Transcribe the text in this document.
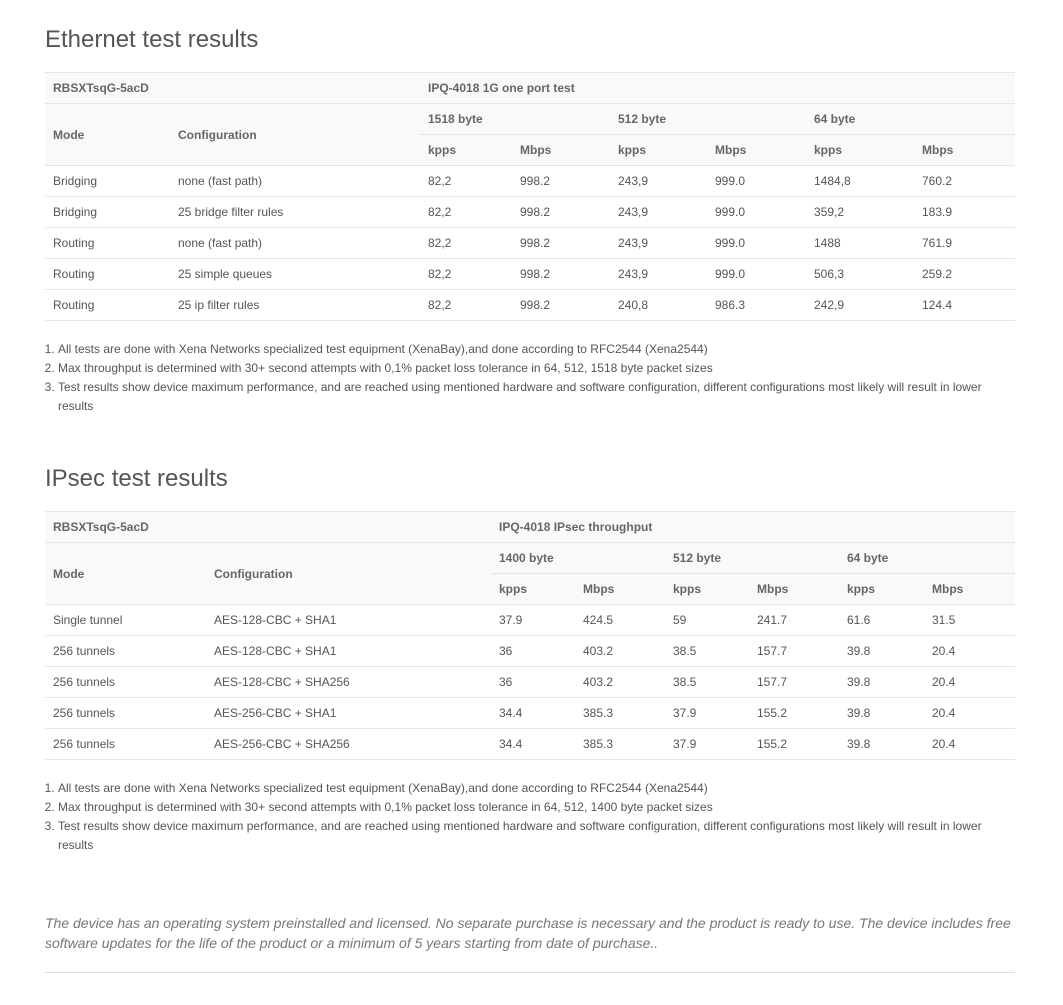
Ethernet test results
RBSXTsqG-5acD		IPQ-4018 1G one port test					
Mode	Configuration	1518 byte		512 byte		64 byte	
		kpps	Mbps	kpps	Mbps	kpps	Mbps
Bridging	none (fast path)	82,2	998.2	243,9	999.0	1484,8	760.2
Bridging	25 bridge filter rules	82,2	998.2	243,9	999.0	359,2	183.9
Routing	none (fast path)	82,2	998.2	243,9	999.0	1488	761.9
Routing	25 simple queues	82,2	998.2	243,9	999.0	506,3	259.2
Routing	25 ip filter rules	82,2	998.2	240,8	986.3	242,9	124.4
1. All tests are done with Xena Networks specialized test equipment (XenaBay),and done according to RFC2544 (Xena2544)
2. Max throughput is determined with 30+ second attempts with 0,1% packet loss tolerance in 64, 512, 1518 byte packet sizes
3. Test results show device maximum performance, and are reached using mentioned hardware and software configuration, different configurations most likely will result in lower results
IPsec test results
RBSXTsqG-5acD		IPQ-4018 IPsec throughput					
Mode	Configuration	1400 byte		512 byte		64 byte	
		kpps	Mbps	kpps	Mbps	kpps	Mbps
Single tunnel	AES-128-CBC + SHA1	37.9	424.5	59	241.7	61.6	31.5
256 tunnels	AES-128-CBC + SHA1	36	403.2	38.5	157.7	39.8	20.4
256 tunnels	AES-128-CBC + SHA256	36	403.2	38.5	157.7	39.8	20.4
256 tunnels	AES-256-CBC + SHA1	34.4	385.3	37.9	155.2	39.8	20.4
256 tunnels	AES-256-CBC + SHA256	34.4	385.3	37.9	155.2	39.8	20.4
1. All tests are done with Xena Networks specialized test equipment (XenaBay),and done according to RFC2544 (Xena2544)
2. Max throughput is determined with 30+ second attempts with 0,1% packet loss tolerance in 64, 512, 1400 byte packet sizes
3. Test results show device maximum performance, and are reached using mentioned hardware and software configuration, different configurations most likely will result in lower results

The device has an operating system preinstalled and licensed. No separate purchase is necessary and the product is ready to use. The device includes free software updates for the life of the product or a minimum of 5 years starting from date of purchase..
